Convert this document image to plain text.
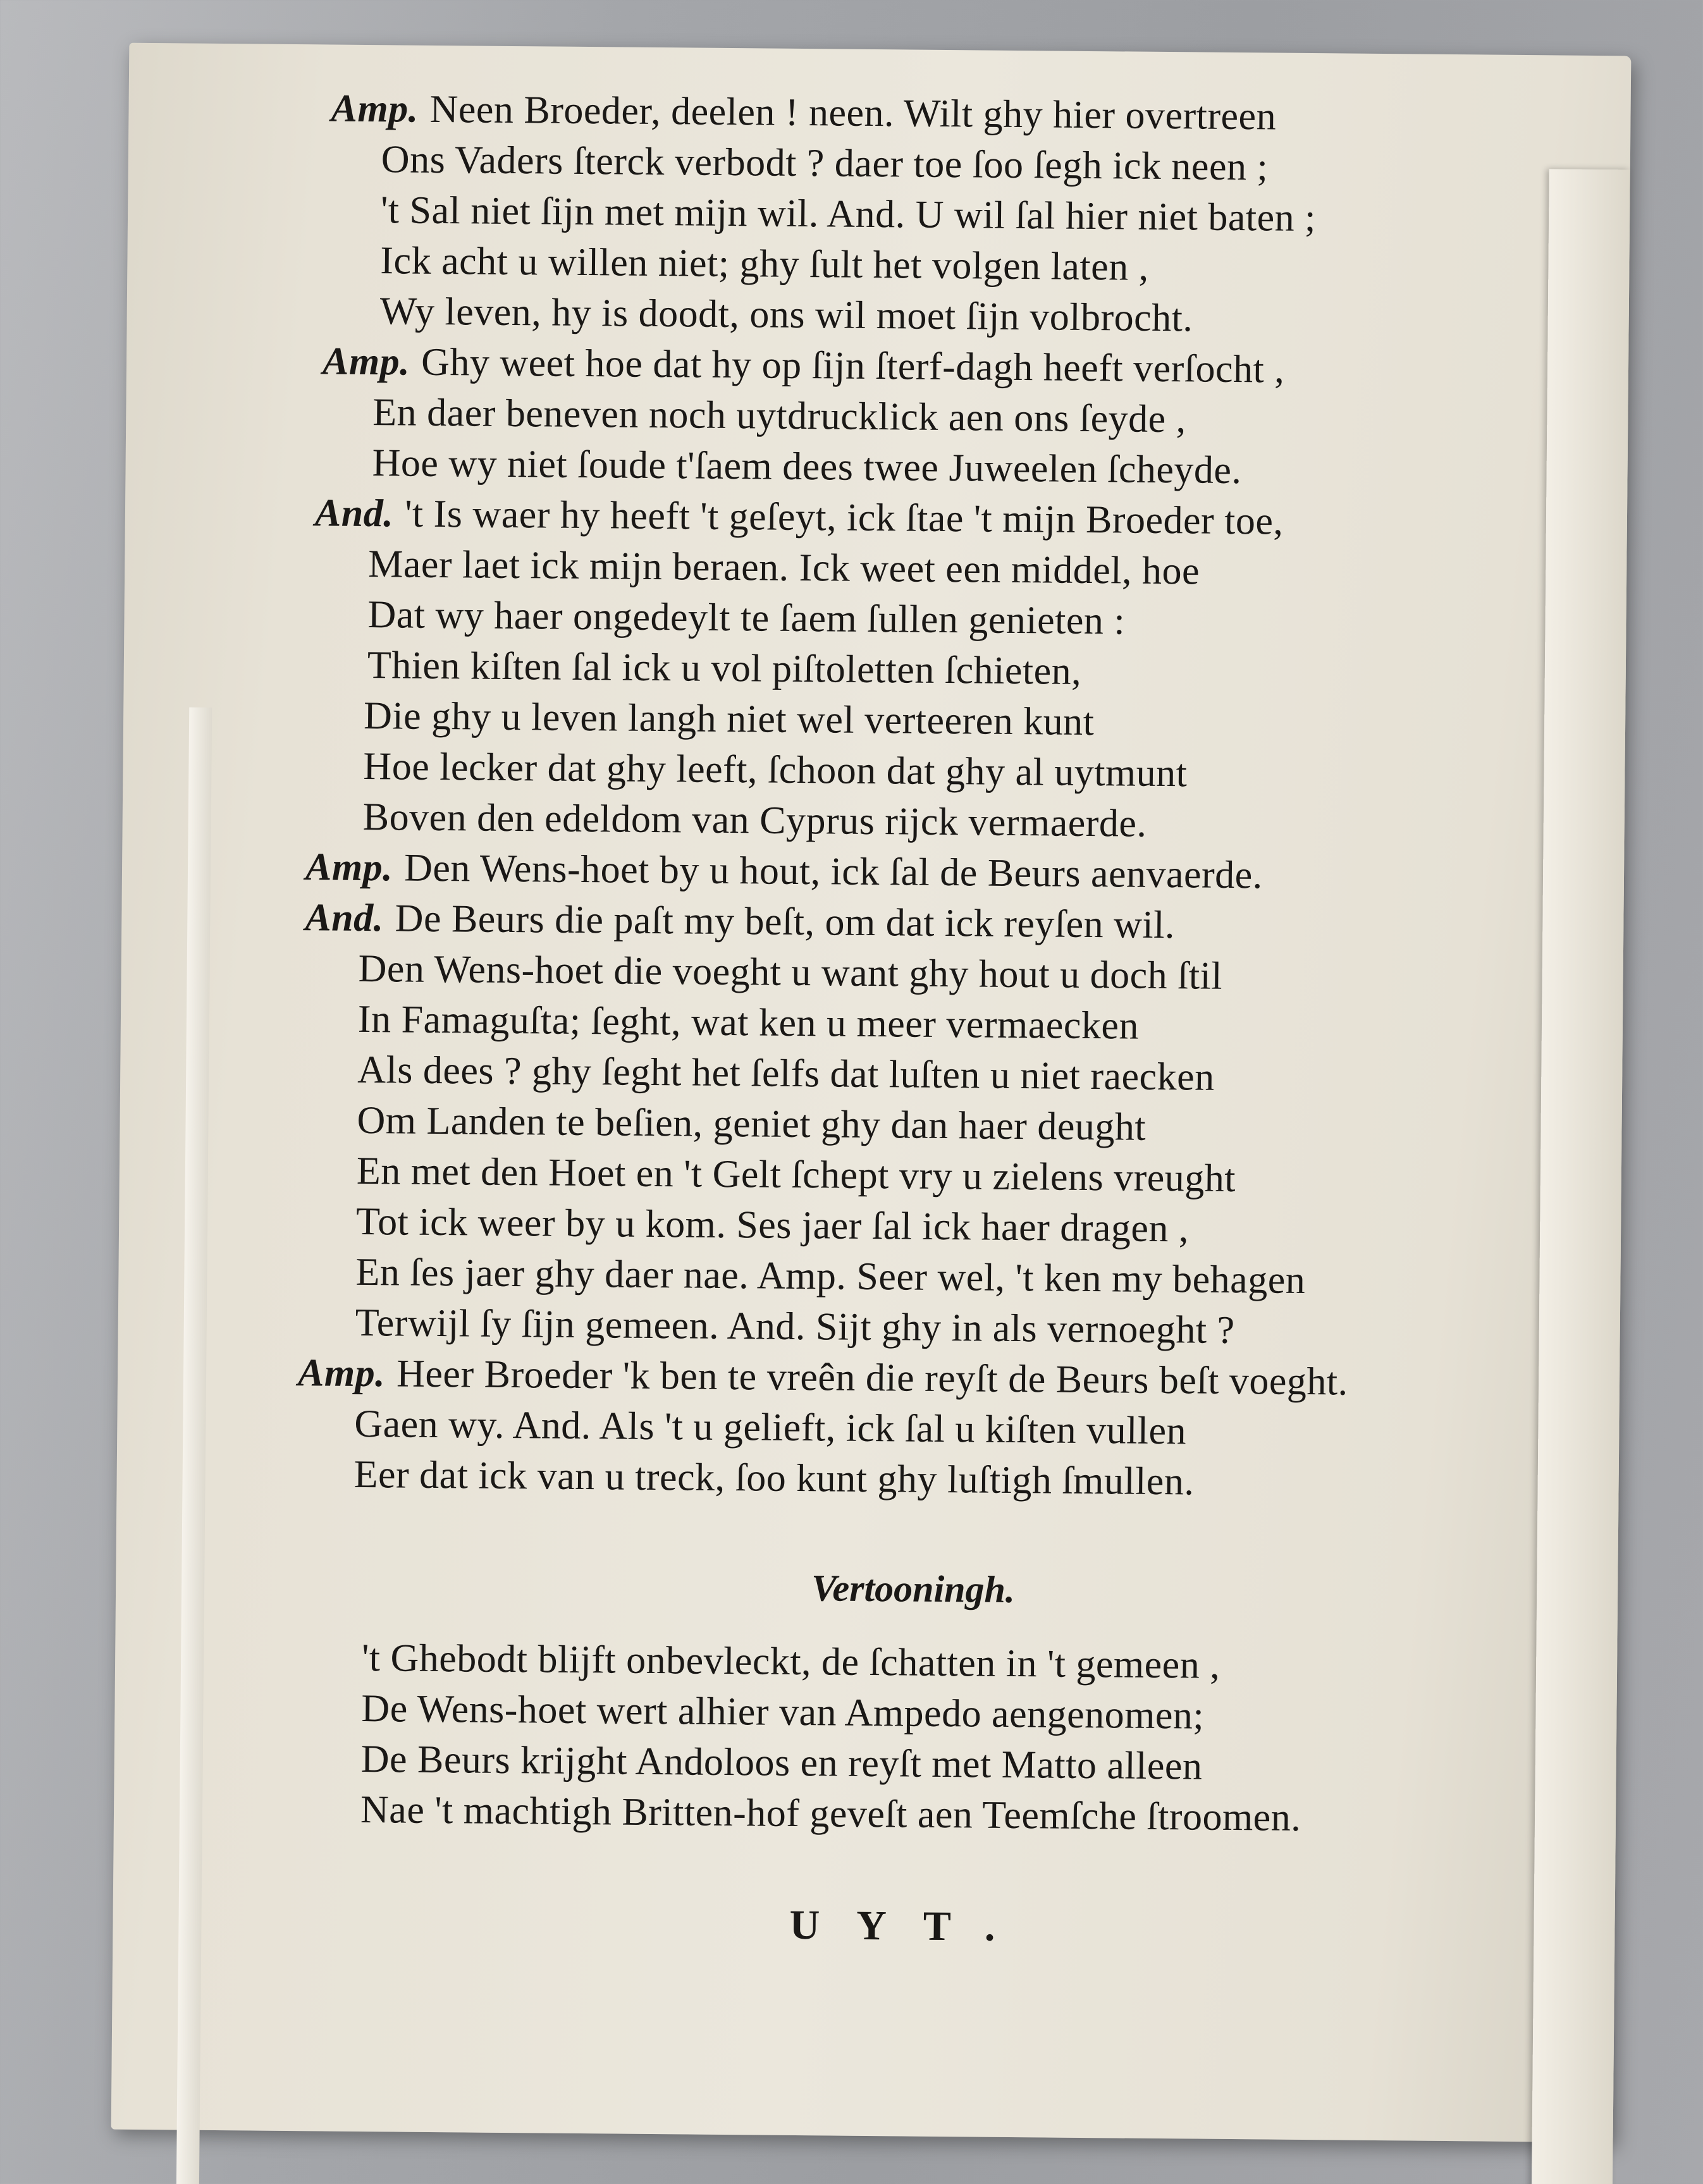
Amp. Neen Broeder, deelen ! neen. Wilt ghy hier overtreen
Ons Vaders ſterck verbodt ? daer toe ſoo ſegh ick neen ;
't Sal niet ſijn met mijn wil. And. U wil ſal hier niet baten ;
Ick acht u willen niet; ghy ſult het volgen laten ,
Wy leven, hy is doodt, ons wil moet ſijn volbrocht.
Amp. Ghy weet hoe dat hy op ſijn ſterf-dagh heeft verſocht ,
En daer beneven noch uytdrucklick aen ons ſeyde ,
Hoe wy niet ſoude t'ſaem dees twee Juweelen ſcheyde.
And. 't Is waer hy heeft 't geſeyt, ick ſtae 't mijn Broeder toe,
Maer laet ick mijn beraen. Ick weet een middel, hoe
Dat wy haer ongedeylt te ſaem ſullen genieten :
Thien kiſten ſal ick u vol piſtoletten ſchieten,
Die ghy u leven langh niet wel verteeren kunt
Hoe lecker dat ghy leeft, ſchoon dat ghy al uytmunt
Boven den edeldom van Cyprus rijck vermaerde.
Amp. Den Wens-hoet by u hout, ick ſal de Beurs aenvaerde.
And. De Beurs die paſt my beſt, om dat ick reyſen wil.
Den Wens-hoet die voeght u want ghy hout u doch ſtil
In Famaguſta; ſeght, wat ken u meer vermaecken
Als dees ? ghy ſeght het ſelfs dat luſten u niet raecken
Om Landen te beſien, geniet ghy dan haer deught
En met den Hoet en 't Gelt ſchept vry u zielens vreught
Tot ick weer by u kom. Ses jaer ſal ick haer dragen ,
En ſes jaer ghy daer nae. Amp. Seer wel, 't ken my behagen
Terwijl ſy ſijn gemeen. And. Sijt ghy in als vernoeght ?
Amp. Heer Broeder 'k ben te vreên die reyſt de Beurs beſt voeght.
Gaen wy. And. Als 't u gelieft, ick ſal u kiſten vullen
Eer dat ick van u treck, ſoo kunt ghy luſtigh ſmullen.
Vertooningh.
't Ghebodt blijft onbevleckt, de ſchatten in 't gemeen ,
De Wens-hoet wert alhier van Ampedo aengenomen;
De Beurs krijght Andoloos en reyſt met Matto alleen
Nae 't machtigh Britten-hof geveſt aen Teemſche ſtroomen.
UYT.
